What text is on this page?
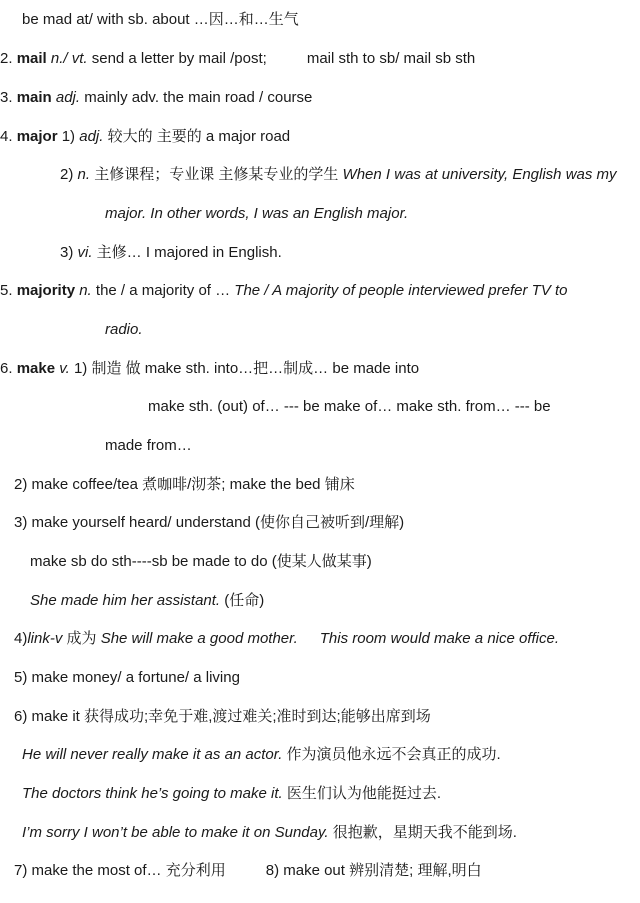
be mad at/ with sb. about …因…和…生气
2. mail n./ vt. send a letter by mail /post;	mail sth to sb/ mail sb sth
3. main adj. mainly adv. the main road / course
4. major 1) adj. 较大的 主要的 a major road
2) n. 主修课程；专业课 主修某专业的学生 When I was at university, English was my
major. In other words, I was an English major.
3) vi. 主修… I majored in English.
5. majority n. the / a majority of … The / A majority of people interviewed prefer TV to
radio.
6. make v. 1) 制造 做 make sth. into…把…制成… be made into
make sth. (out) of… --- be make of… make sth. from… --- be
made from…
2) make coffee/tea 煮咖啡/沏茶; make the bed 铺床
3) make yourself heard/ understand (使你自己被听到/理解)
make sb do sth----sb be made to do (使某人做某事)
She made him her assistant. (任命)
4)link-v 成为 She will make a good mother. This room would make a nice office.
5) make money/ a fortune/ a living
6) make it 获得成功;幸免于难,渡过难关;准时到达;能够出席到场
He will never really make it as an actor. 作为演员他永远不会真正的成功.
The doctors think he’s going to make it. 医生们认为他能挺过去.
I’m sorry I won’t be able to make it on Sunday. 很抱歉，星期天我不能到场.
7) make the most of… 充分利用	8) make out 辨别清楚; 理解,明白
